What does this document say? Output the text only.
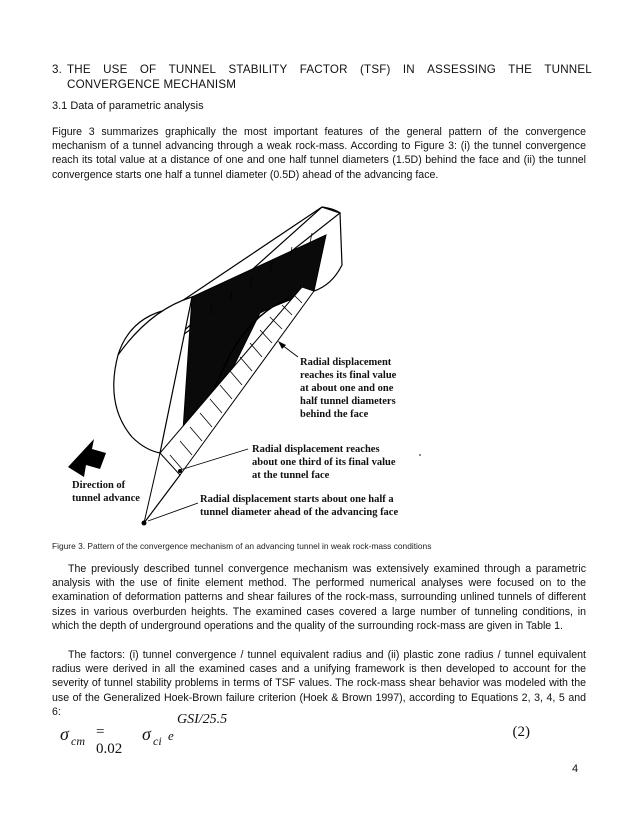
3. THE USE OF TUNNEL STABILITY FACTOR (TSF) IN ASSESSING THE TUNNEL
CONVERGENCE MECHANISM
3.1 Data of parametric analysis
Figure 3 summarizes graphically the most important features of the general pattern of the convergence mechanism of a tunnel advancing through a weak rock-mass. According to Figure 3: (i) the tunnel convergence reach its total value at a distance of one and one half tunnel diameters (1.5D) behind the face and (ii) the tunnel convergence starts one half a tunnel diameter (0.5D) ahead of the advancing face.
Radial displacement reaches its final value at about one and one half tunnel diameters behind the face
Radial displacement reaches about one third of its final value at the tunnel face
Radial displacement starts about one half a tunnel diameter ahead of the advancing face
Direction of tunnel advance
Figure 3. Pattern of the convergence mechanism of an advancing tunnel in weak rock-mass conditions
The previously described tunnel convergence mechanism was extensively examined through a parametric analysis with the use of finite element method. The performed numerical analyses were focused on to the examination of deformation patterns and shear failures of the rock-mass, surrounding unlined tunnels of different sizes in various overburden heights. The examined cases covered a large number of tunneling conditions, in which the depth of underground operations and the quality of the surrounding rock-mass are given in Table 1.
The factors: (i) tunnel convergence / tunnel equivalent radius and (ii) plastic zone radius / tunnel equivalent radius were derived in all the examined cases and a unifying framework is then developed to account for the severity of tunnel stability problems in terms of TSF values. The rock-mass shear behavior was modeled with the use of the Generalized Hoek-Brown failure criterion (Hoek & Brown 1997), according to Equations 2, 3, 4, 5 and 6:
σ cm
= 0.02
σ ci e
GSI/25.5
(2)
4
